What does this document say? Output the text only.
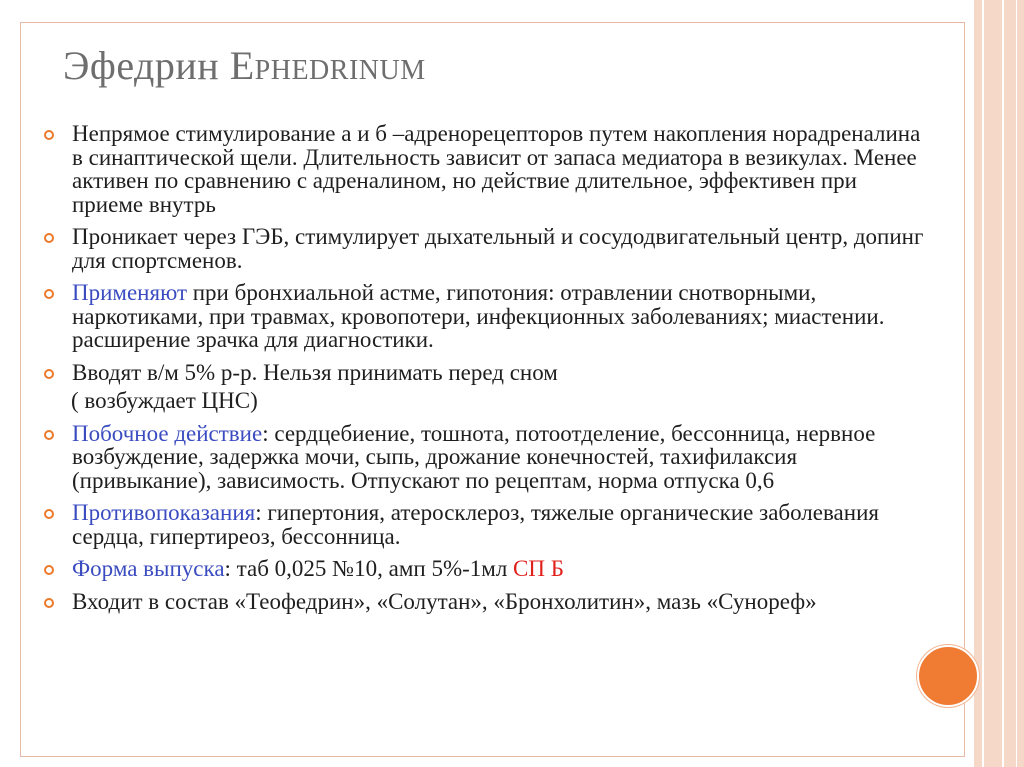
Эфедрин Ephedrinum
Непрямое стимулирование а и б –адренорецепторов путем накопления норадреналина в синаптической щели. Длительность зависит от запаса медиатора в везикулах. Менее активен по сравнению с адреналином, но действие длительное, эффективен при приеме внутрь
Проникает через ГЭБ, стимулирует дыхательный и сосудодвигательный центр, допинг для спортсменов.
Применяют при бронхиальной астме, гипотония: отравлении снотворными, наркотиками, при травмах, кровопотери, инфекционных заболеваниях; миастении. расширение зрачка для диагностики.
Вводят в/м 5% р-р. Нельзя принимать перед сном
( возбуждает ЦНС)
Побочное действие: сердцебиение, тошнота, потоотделение, бессонница, нервное возбуждение, задержка мочи, сыпь, дрожание конечностей, тахифилаксия (привыкание), зависимость. Отпускают по рецептам, норма отпуска 0,6
Противопоказания: гипертония, атеросклероз, тяжелые органические заболевания сердца, гипертиреоз, бессонница.
Форма выпуска: таб 0,025 №10, амп 5%-1мл СП Б
Входит в состав «Теофедрин», «Солутан», «Бронхолитин», мазь «Сунореф»
